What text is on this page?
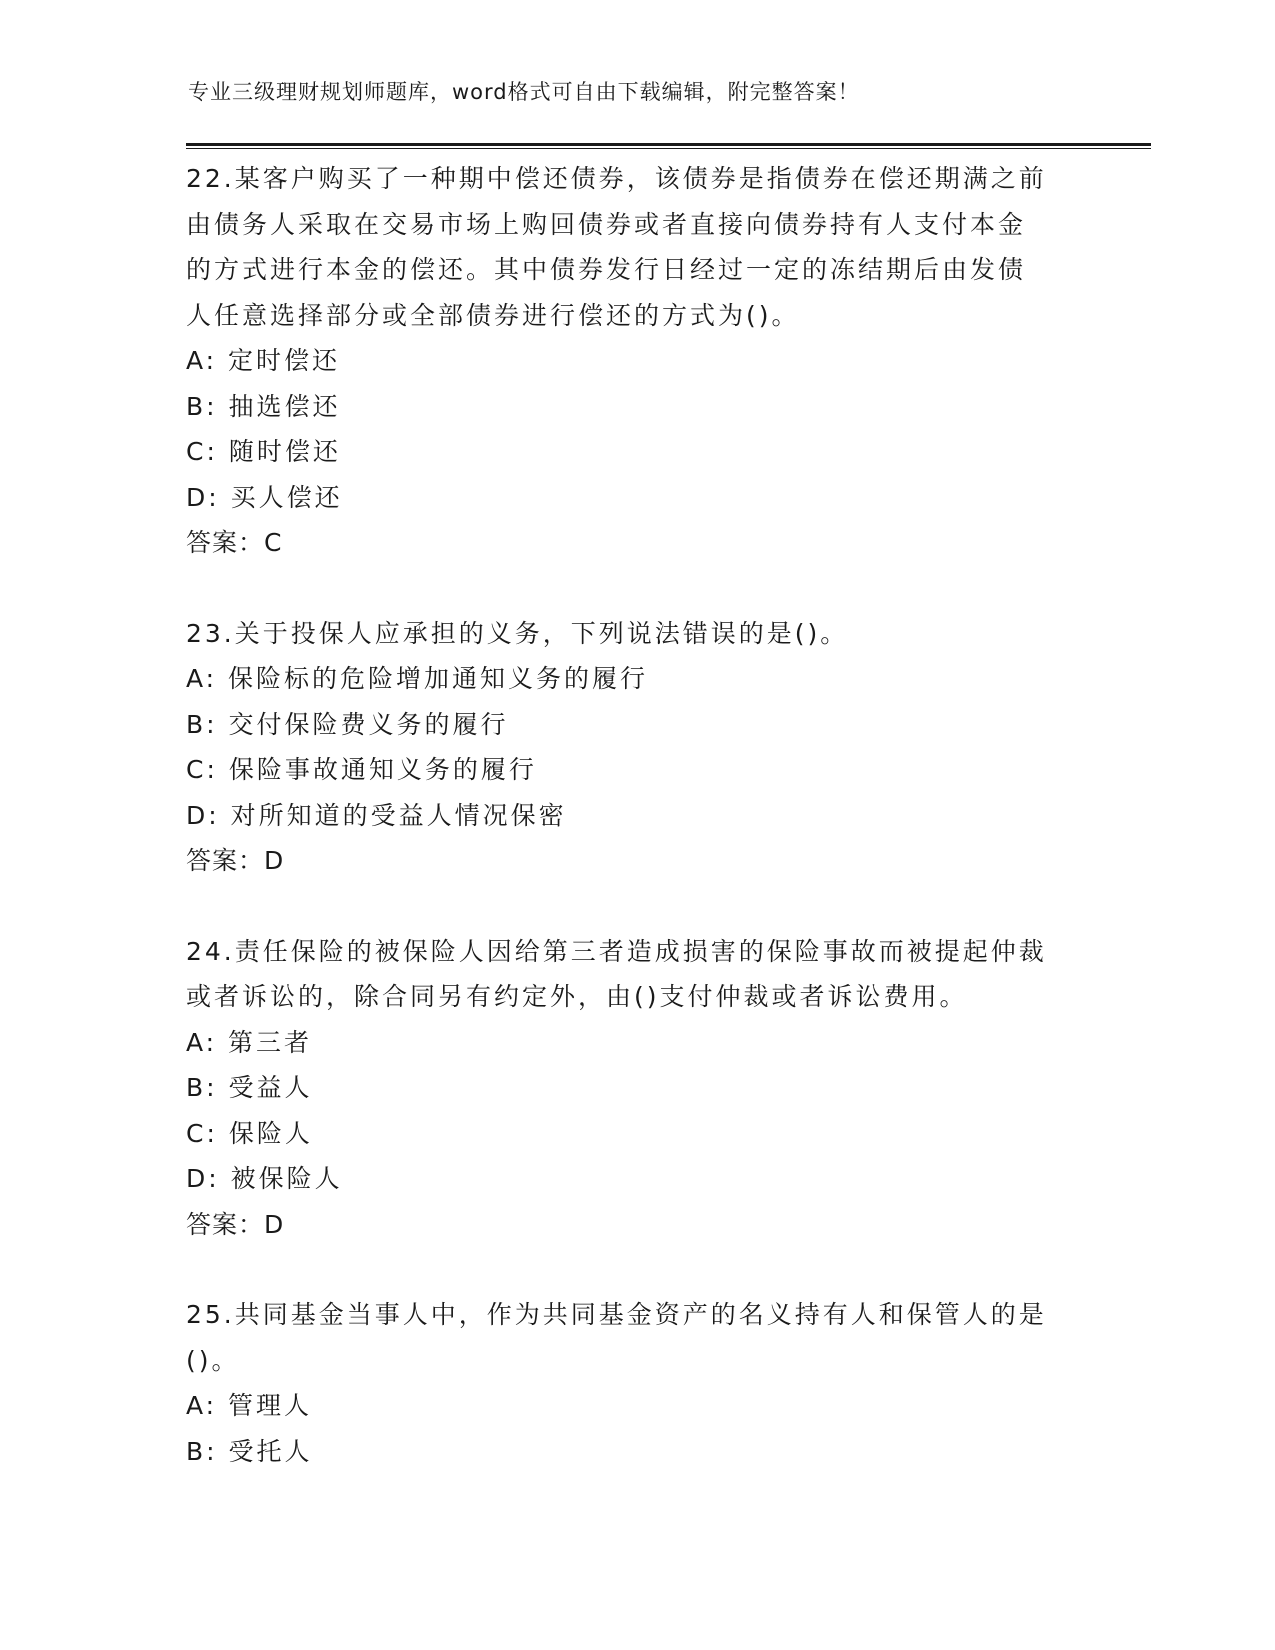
专业三级理财规划师题库，word格式可自由下载编辑，附完整答案！
22.某客户购买了一种期中偿还债券，该债券是指债券在偿还期满之前
由债务人采取在交易市场上购回债券或者直接向债券持有人支付本金
的方式进行本金的偿还。其中债券发行日经过一定的冻结期后由发债
人任意选择部分或全部债券进行偿还的方式为()。
A: 定时偿还
B: 抽选偿还
C: 随时偿还
D: 买人偿还
答案：C
23.关于投保人应承担的义务，下列说法错误的是()。
A: 保险标的危险增加通知义务的履行
B: 交付保险费义务的履行
C: 保险事故通知义务的履行
D: 对所知道的受益人情况保密
答案：D
24.责任保险的被保险人因给第三者造成损害的保险事故而被提起仲裁
或者诉讼的，除合同另有约定外，由()支付仲裁或者诉讼费用。
A: 第三者
B: 受益人
C: 保险人
D: 被保险人
答案：D
25.共同基金当事人中，作为共同基金资产的名义持有人和保管人的是
()。
A: 管理人
B: 受托人
